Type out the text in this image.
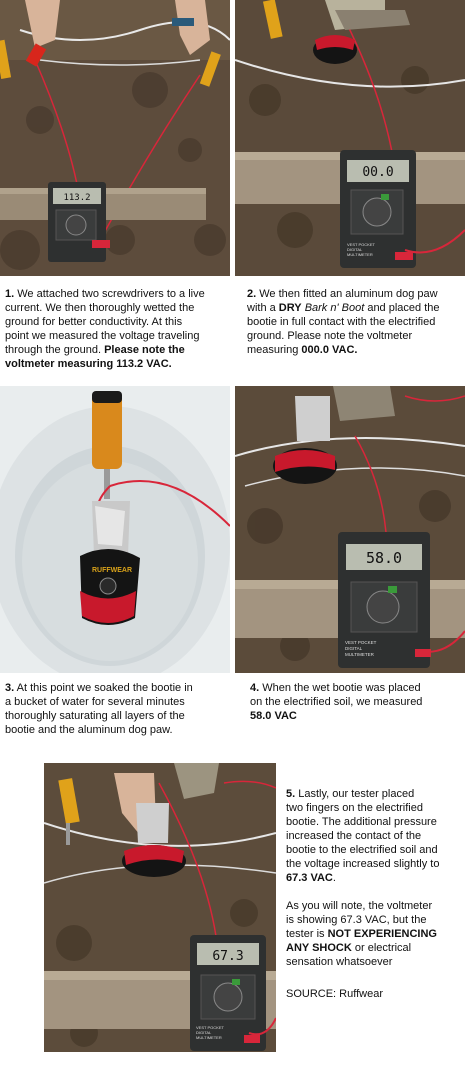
113.2
00.0
VEST POCKET
DIGITAL
MULTIMETER
1. We attached two screwdrivers to a live
current. We then thoroughly wetted the
ground for better conductivity. At this
point we measured the voltage traveling
through the ground. Please note the
voltmeter measuring 113.2 VAC.
2. We then fitted an aluminum dog paw
with a DRY Bark n' Boot and placed the
bootie in full contact with the electrified
ground. Please note the voltmeter
measuring 000.0 VAC.
RUFFWEAR
58.0
VEST POCKET
DIGITAL
MULTIMETER
3. At this point we soaked the bootie in
a bucket of water for several minutes
thoroughly saturating all layers of the
bootie and the aluminum dog paw.
4. When the wet bootie was placed
on the electrified soil, we measured
58.0 VAC
67.3
VEST POCKET
DIGITAL
MULTIMETER
5. Lastly, our tester placed
two fingers on the electrified
bootie. The additional pressure
increased the contact of the
bootie to the electrified soil and
the voltage increased slightly to
67.3 VAC.
As you will note, the voltmeter
is showing 67.3 VAC, but the
tester is NOT EXPERIENCING
ANY SHOCK or electrical
sensation whatsoever
SOURCE: Ruffwear
